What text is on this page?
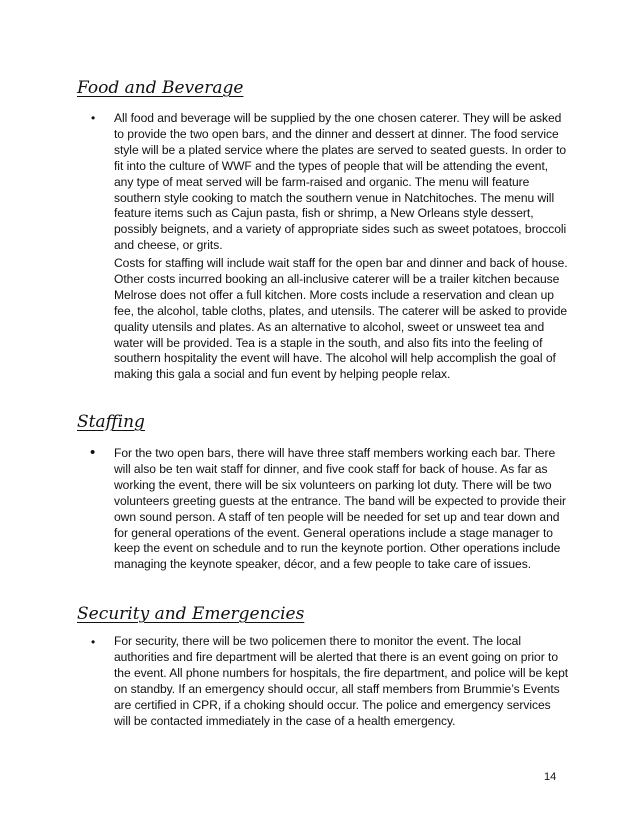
Food and Beverage
• All food and beverage will be supplied by the one chosen caterer. They will be asked to provide the two open bars, and the dinner and dessert at dinner. The food service style will be a plated service where the plates are served to seated guests. In order to fit into the culture of WWF and the types of people that will be attending the event, any type of meat served will be farm-raised and organic. The menu will feature southern style cooking to match the southern venue in Natchitoches. The menu will feature items such as Cajun pasta, fish or shrimp, a New Orleans style dessert, possibly beignets, and a variety of appropriate sides such as sweet potatoes, broccoli and cheese, or grits.

Costs for staffing will include wait staff for the open bar and dinner and back of house. Other costs incurred booking an all-inclusive caterer will be a trailer kitchen because Melrose does not offer a full kitchen. More costs include a reservation and clean up fee, the alcohol, table cloths, plates, and utensils. The caterer will be asked to provide quality utensils and plates. As an alternative to alcohol, sweet or unsweet tea and water will be provided. Tea is a staple in the south, and also fits into the feeling of southern hospitality the event will have. The alcohol will help accomplish the goal of making this gala a social and fun event by helping people relax.

Staffing
• For the two open bars, there will have three staff members working each bar. There will also be ten wait staff for dinner, and five cook staff for back of house. As far as working the event, there will be six volunteers on parking lot duty. There will be two volunteers greeting guests at the entrance. The band will be expected to provide their own sound person. A staff of ten people will be needed for set up and tear down and for general operations of the event. General operations include a stage manager to keep the event on schedule and to run the keynote portion. Other operations include managing the keynote speaker, décor, and a few people to take care of issues.

Security and Emergencies
• For security, there will be two policemen there to monitor the event. The local authorities and fire department will be alerted that there is an event going on prior to the event. All phone numbers for hospitals, the fire department, and police will be kept on standby. If an emergency should occur, all staff members from Brummie’s Events are certified in CPR, if a choking should occur. The police and emergency services will be contacted immediately in the case of a health emergency.

14
